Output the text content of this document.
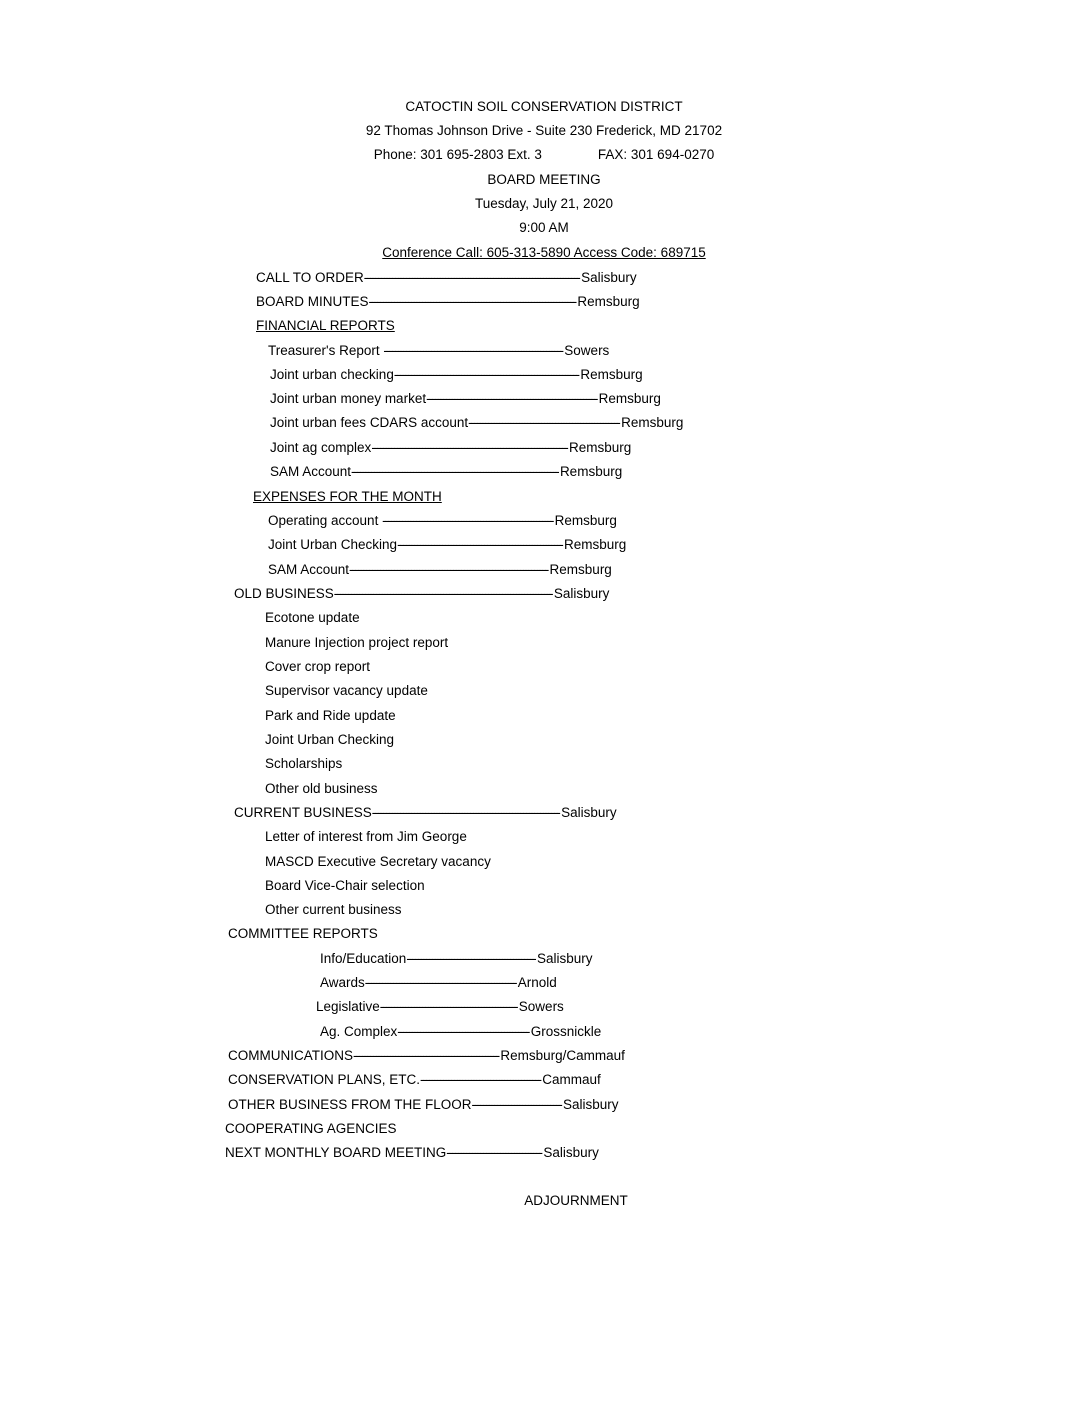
CATOCTIN SOIL CONSERVATION DISTRICT
92 Thomas Johnson Drive - Suite 230 Frederick, MD 21702
Phone: 301 695-2803 Ext. 3	FAX: 301 694-0270
BOARD MEETING
Tuesday, July 21, 2020
9:00 AM
Conference Call: 605-313-5890 Access Code: 689715
CALL TO ORDER----------------------------------------------------------------------------- Salisbury
BOARD MINUTES-------------------------------------------------------------------------- Remsburg
FINANCIAL REPORTS
Treasurer's Report ---------------------------------------------------------------- Sowers
Joint urban checking------------------------------------------------------------------ Remsburg
Joint urban money market------------------------------------------------------------- Remsburg
Joint urban fees CDARS account------------------------------------------------------ Remsburg
Joint ag complex---------------------------------------------------------------------- Remsburg
SAM Account-------------------------------------------------------------------------- Remsburg
EXPENSES FOR THE MONTH
Operating account ------------------------------------------------------------- Remsburg
Joint Urban Checking----------------------------------------------------------- Remsburg
SAM Account----------------------------------------------------------------------- Remsburg
OLD BUSINESS------------------------------------------------------------------------------ Salisbury
Ecotone update
Manure Injection project report
Cover crop report
Supervisor vacancy update
Park and Ride update
Joint Urban Checking
Scholarships
Other old business
CURRENT BUSINESS------------------------------------------------------------------- Salisbury
Letter of interest from Jim George
MASCD Executive Secretary vacancy
Board Vice-Chair selection
Other current business
COMMITTEE REPORTS
Info/Education---------------------------------------------- Salisbury
Awards------------------------------------------------------ Arnold
Legislative------------------------------------------------- Sowers
Ag. Complex----------------------------------------------- Grossnickle
COMMUNICATIONS---------------------------------------------------- Remsburg/Cammauf
CONSERVATION PLANS, ETC.------------------------------------------- Cammauf
OTHER BUSINESS FROM THE FLOOR-------------------------------- Salisbury
COOPERATING AGENCIES
NEXT MONTHLY BOARD MEETING---------------------------------- Salisbury
ADJOURNMENT
